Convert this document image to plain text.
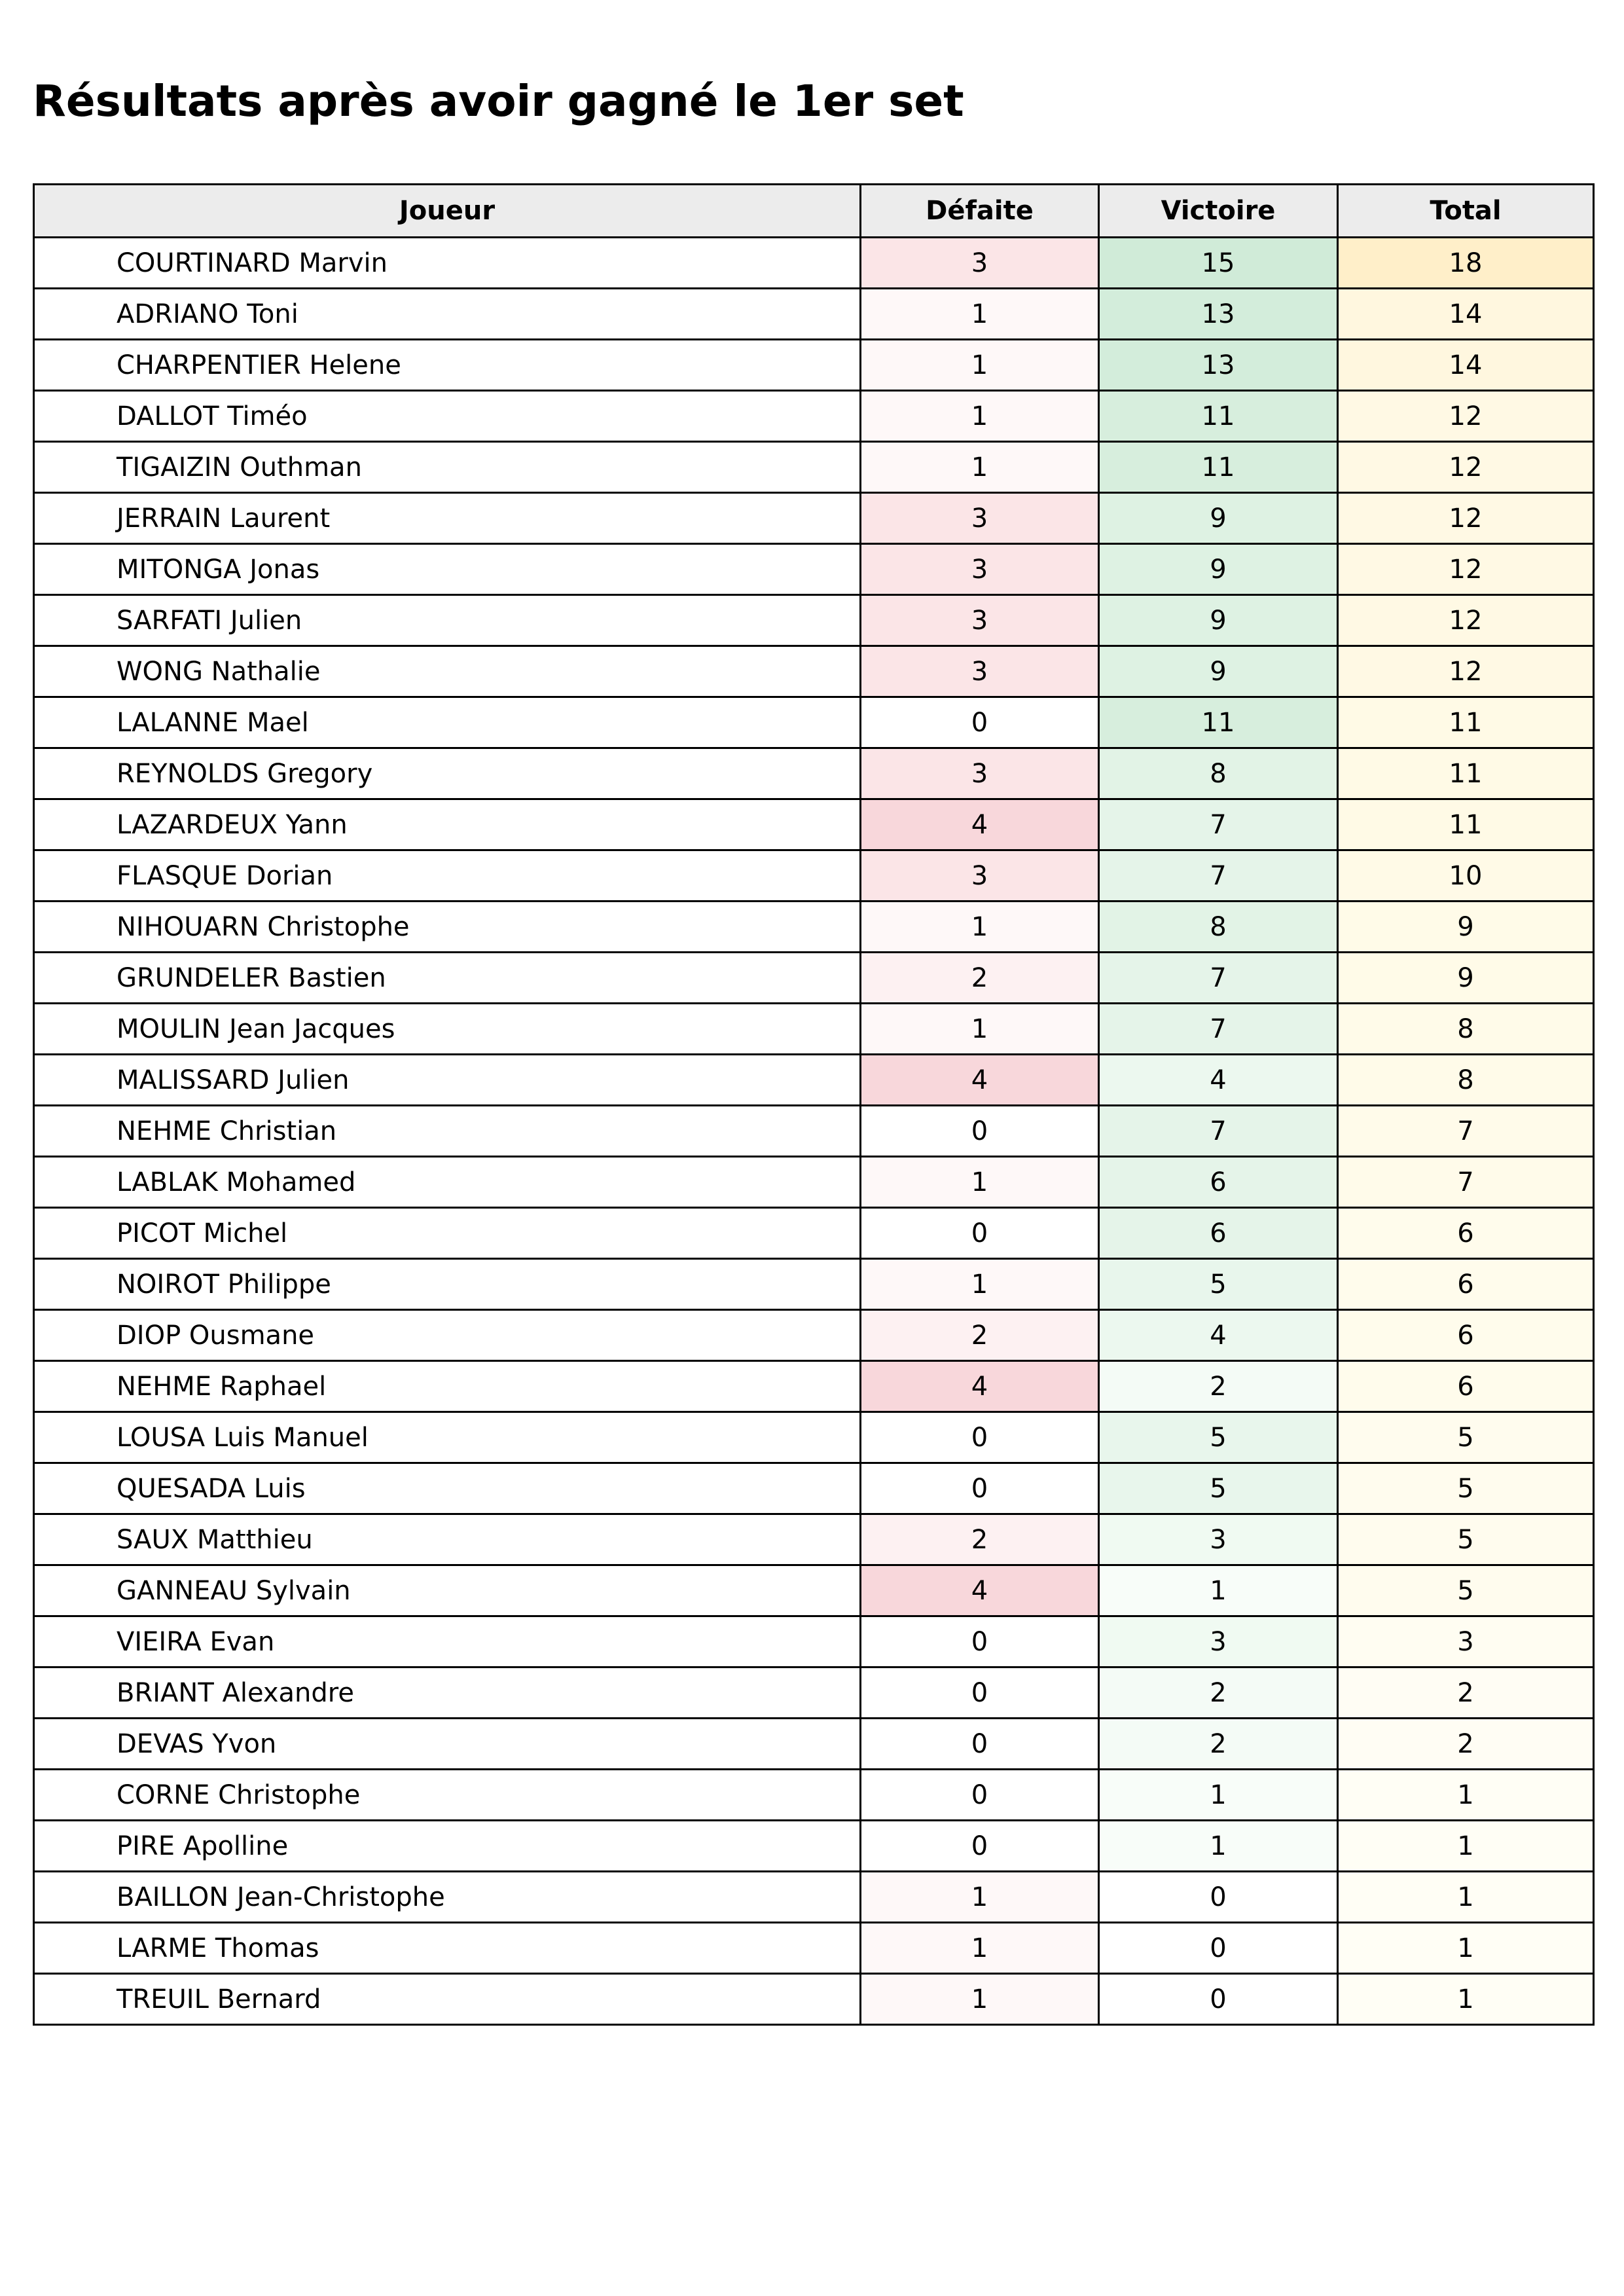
Résultats après avoir gagné le 1er set
Joueur	Défaite	Victoire	Total
COURTINARD Marvin	3	15	18
ADRIANO Toni	1	13	14
CHARPENTIER Helene	1	13	14
DALLOT Timéo	1	11	12
TIGAIZIN Outhman	1	11	12
JERRAIN Laurent	3	9	12
MITONGA Jonas	3	9	12
SARFATI Julien	3	9	12
WONG Nathalie	3	9	12
LALANNE Mael	0	11	11
REYNOLDS Gregory	3	8	11
LAZARDEUX Yann	4	7	11
FLASQUE Dorian	3	7	10
NIHOUARN Christophe	1	8	9
GRUNDELER Bastien	2	7	9
MOULIN Jean Jacques	1	7	8
MALISSARD Julien	4	4	8
NEHME Christian	0	7	7
LABLAK Mohamed	1	6	7
PICOT Michel	0	6	6
NOIROT Philippe	1	5	6
DIOP Ousmane	2	4	6
NEHME Raphael	4	2	6
LOUSA Luis Manuel	0	5	5
QUESADA Luis	0	5	5
SAUX Matthieu	2	3	5
GANNEAU Sylvain	4	1	5
VIEIRA Evan	0	3	3
BRIANT Alexandre	0	2	2
DEVAS Yvon	0	2	2
CORNE Christophe	0	1	1
PIRE Apolline	0	1	1
BAILLON Jean-Christophe	1	0	1
LARME Thomas	1	0	1
TREUIL Bernard	1	0	1
